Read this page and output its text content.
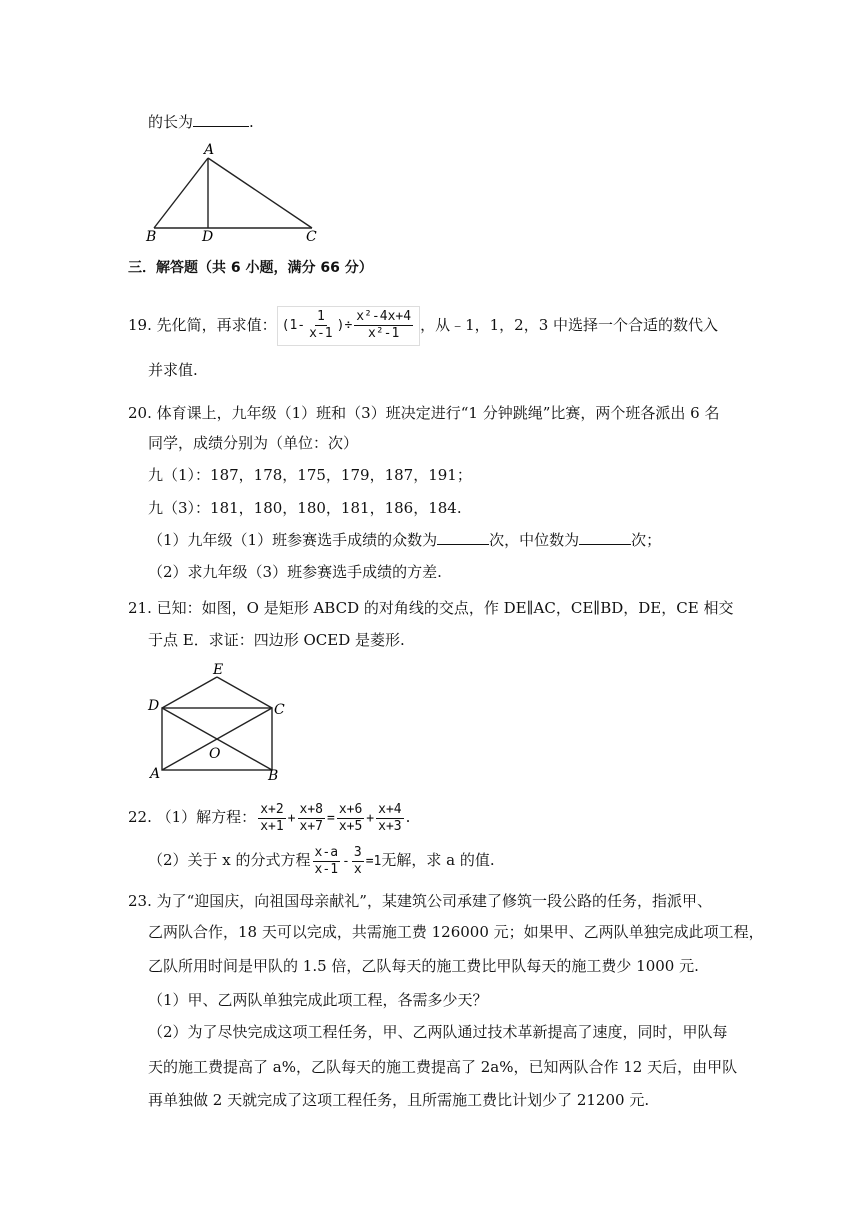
的长为	.
A
B	D	C
三．解答题（共 6 小题，满分 66 分）
19. 先化简，再求值： ($1- \frac{1}{x-1}$ )÷ $\frac{\text{x²-4x+4}}{\text{x²-1}}$ ，从﹣1，1，2，3 中选择一个合适的数代入
并求值.
20. 体育课上，九年级（1）班和（3）班决定进行“1 分钟跳绳”比赛，两个班各派出 6 名
同学，成绩分别为（单位：次）
九（1）：187，178，175，179，187，191；
九（3）：181，180，180，181，186，184.
（1）九年级（1）班参赛选手成绩的众数为	次，中位数为	次；
（2）求九年级（3）班参赛选手成绩的方差.
21. 已知：如图，O 是矩形 ABCD 的对角线的交点，作 DE∥AC，CE∥BD，DE，CE 相交
于点 E．求证：四边形 OCED 是菱形.
E
D	C
O
A	B
22. （1）解方程： $\frac{x+2}{x+1} + \frac{x+8}{x+7} = \frac{x+6}{x+5} + \frac{x+4}{x+3}$ .
（2）关于 x 的分式方程 $\frac{x-a}{x-1} - \frac{3}{x} =1$无解，求 a 的值.
23. 为了“迎国庆，向祖国母亲献礼”，某建筑公司承建了修筑一段公路的任务，指派甲、
乙两队合作，18 天可以完成，共需施工费 126000 元；如果甲、乙两队单独完成此项工程，
乙队所用时间是甲队的 1.5 倍，乙队每天的施工费比甲队每天的施工费少 1000 元.
（1）甲、乙两队单独完成此项工程，各需多少天？
（2）为了尽快完成这项工程任务，甲、乙两队通过技术革新提高了速度，同时，甲队每
天的施工费提高了 a%，乙队每天的施工费提高了 2a%，已知两队合作 12 天后，由甲队
再单独做 2 天就完成了这项工程任务，且所需施工费比计划少了 21200 元.
